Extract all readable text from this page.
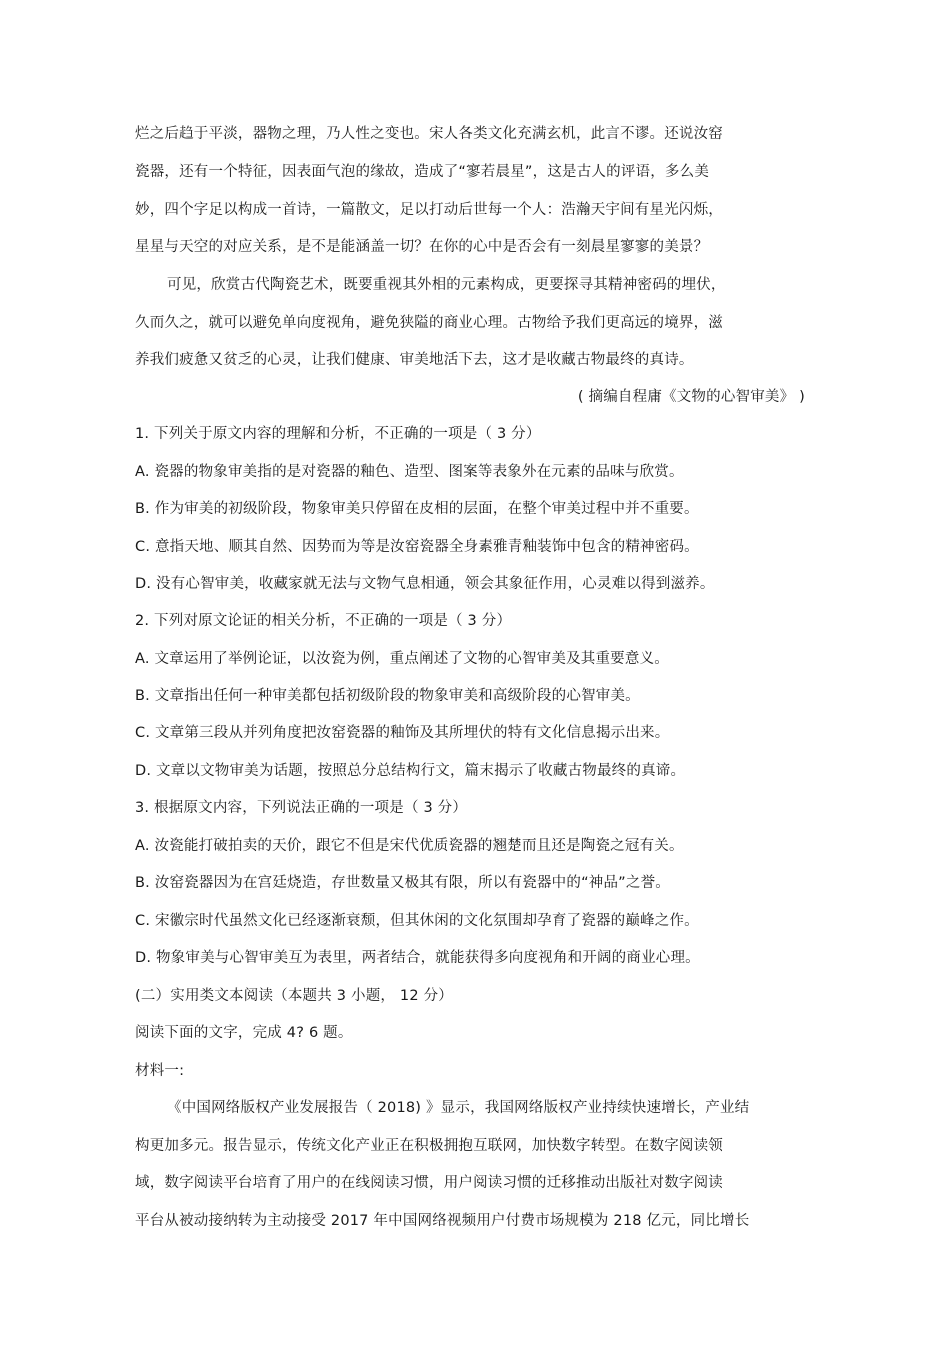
烂之后趋于平淡，器物之理，乃人性之变也。宋人各类文化充满玄机，此言不谬。还说汝窑
瓷器，还有一个特征，因表面气泡的缘故，造成了“寥若晨星”，这是古人的评语，多么美
妙，四个字足以构成一首诗，一篇散文，足以打动后世每一个人：浩瀚天宇间有星光闪烁，
星星与天空的对应关系，是不是能涵盖一切？在你的心中是否会有一刻晨星寥寥的美景？
可见，欣赏古代陶瓷艺术，既要重视其外相的元素构成，更要探寻其精神密码的埋伏，
久而久之，就可以避免单向度视角，避免狭隘的商业心理。古物给予我们更高远的境界，滋
养我们疲惫又贫乏的心灵，让我们健康、审美地活下去，这才是收藏古物最终的真诗。
( 摘编自程庸《文物的心智审美》 )
1. 下列关于原文内容的理解和分析，不正确的一项是（ 3 分）
A. 瓷器的物象审美指的是对瓷器的釉色、造型、图案等表象外在元素的品味与欣赏。
B. 作为审美的初级阶段，物象审美只停留在皮相的层面，在整个审美过程中并不重要。
C. 意指天地、顺其自然、因势而为等是汝窑瓷器全身素雅青釉装饰中包含的精神密码。
D. 没有心智审美，收藏家就无法与文物气息相通，领会其象征作用，心灵难以得到滋养。
2. 下列对原文论证的相关分析，不正确的一项是（ 3 分）
A. 文章运用了举例论证，以汝瓷为例，重点阐述了文物的心智审美及其重要意义。
B. 文章指出任何一种审美都包括初级阶段的物象审美和高级阶段的心智审美。
C. 文章第三段从并列角度把汝窑瓷器的釉饰及其所埋伏的特有文化信息揭示出来。
D. 文章以文物审美为话题，按照总分总结构行文，篇末揭示了收藏古物最终的真谛。
3. 根据原文内容，下列说法正确的一项是（ 3 分）
A. 汝瓷能打破拍卖的天价，跟它不但是宋代优质瓷器的翘楚而且还是陶瓷之冠有关。
B. 汝窑瓷器因为在宫廷烧造，存世数量又极其有限，所以有瓷器中的“神品”之誉。
C. 宋徽宗时代虽然文化已经逐渐衰颓，但其休闲的文化氛围却孕育了瓷器的巅峰之作。
D. 物象审美与心智审美互为表里，两者结合，就能获得多向度视角和开阔的商业心理。
(二）实用类文本阅读（本题共 3 小题， 12 分）
阅读下面的文字，完成 4? 6 题。
材料一:
《中国网络版权产业发展报告（ 2018) 》显示，我国网络版权产业持续快速增长，产业结
构更加多元。报告显示，传统文化产业正在积极拥抱互联网，加快数字转型。在数字阅读领
域，数字阅读平台培育了用户的在线阅读习惯，用户阅读习惯的迁移推动出版社对数字阅读
平台从被动接纳转为主动接受 2017 年中国网络视频用户付费市场规模为 218 亿元，同比增长
